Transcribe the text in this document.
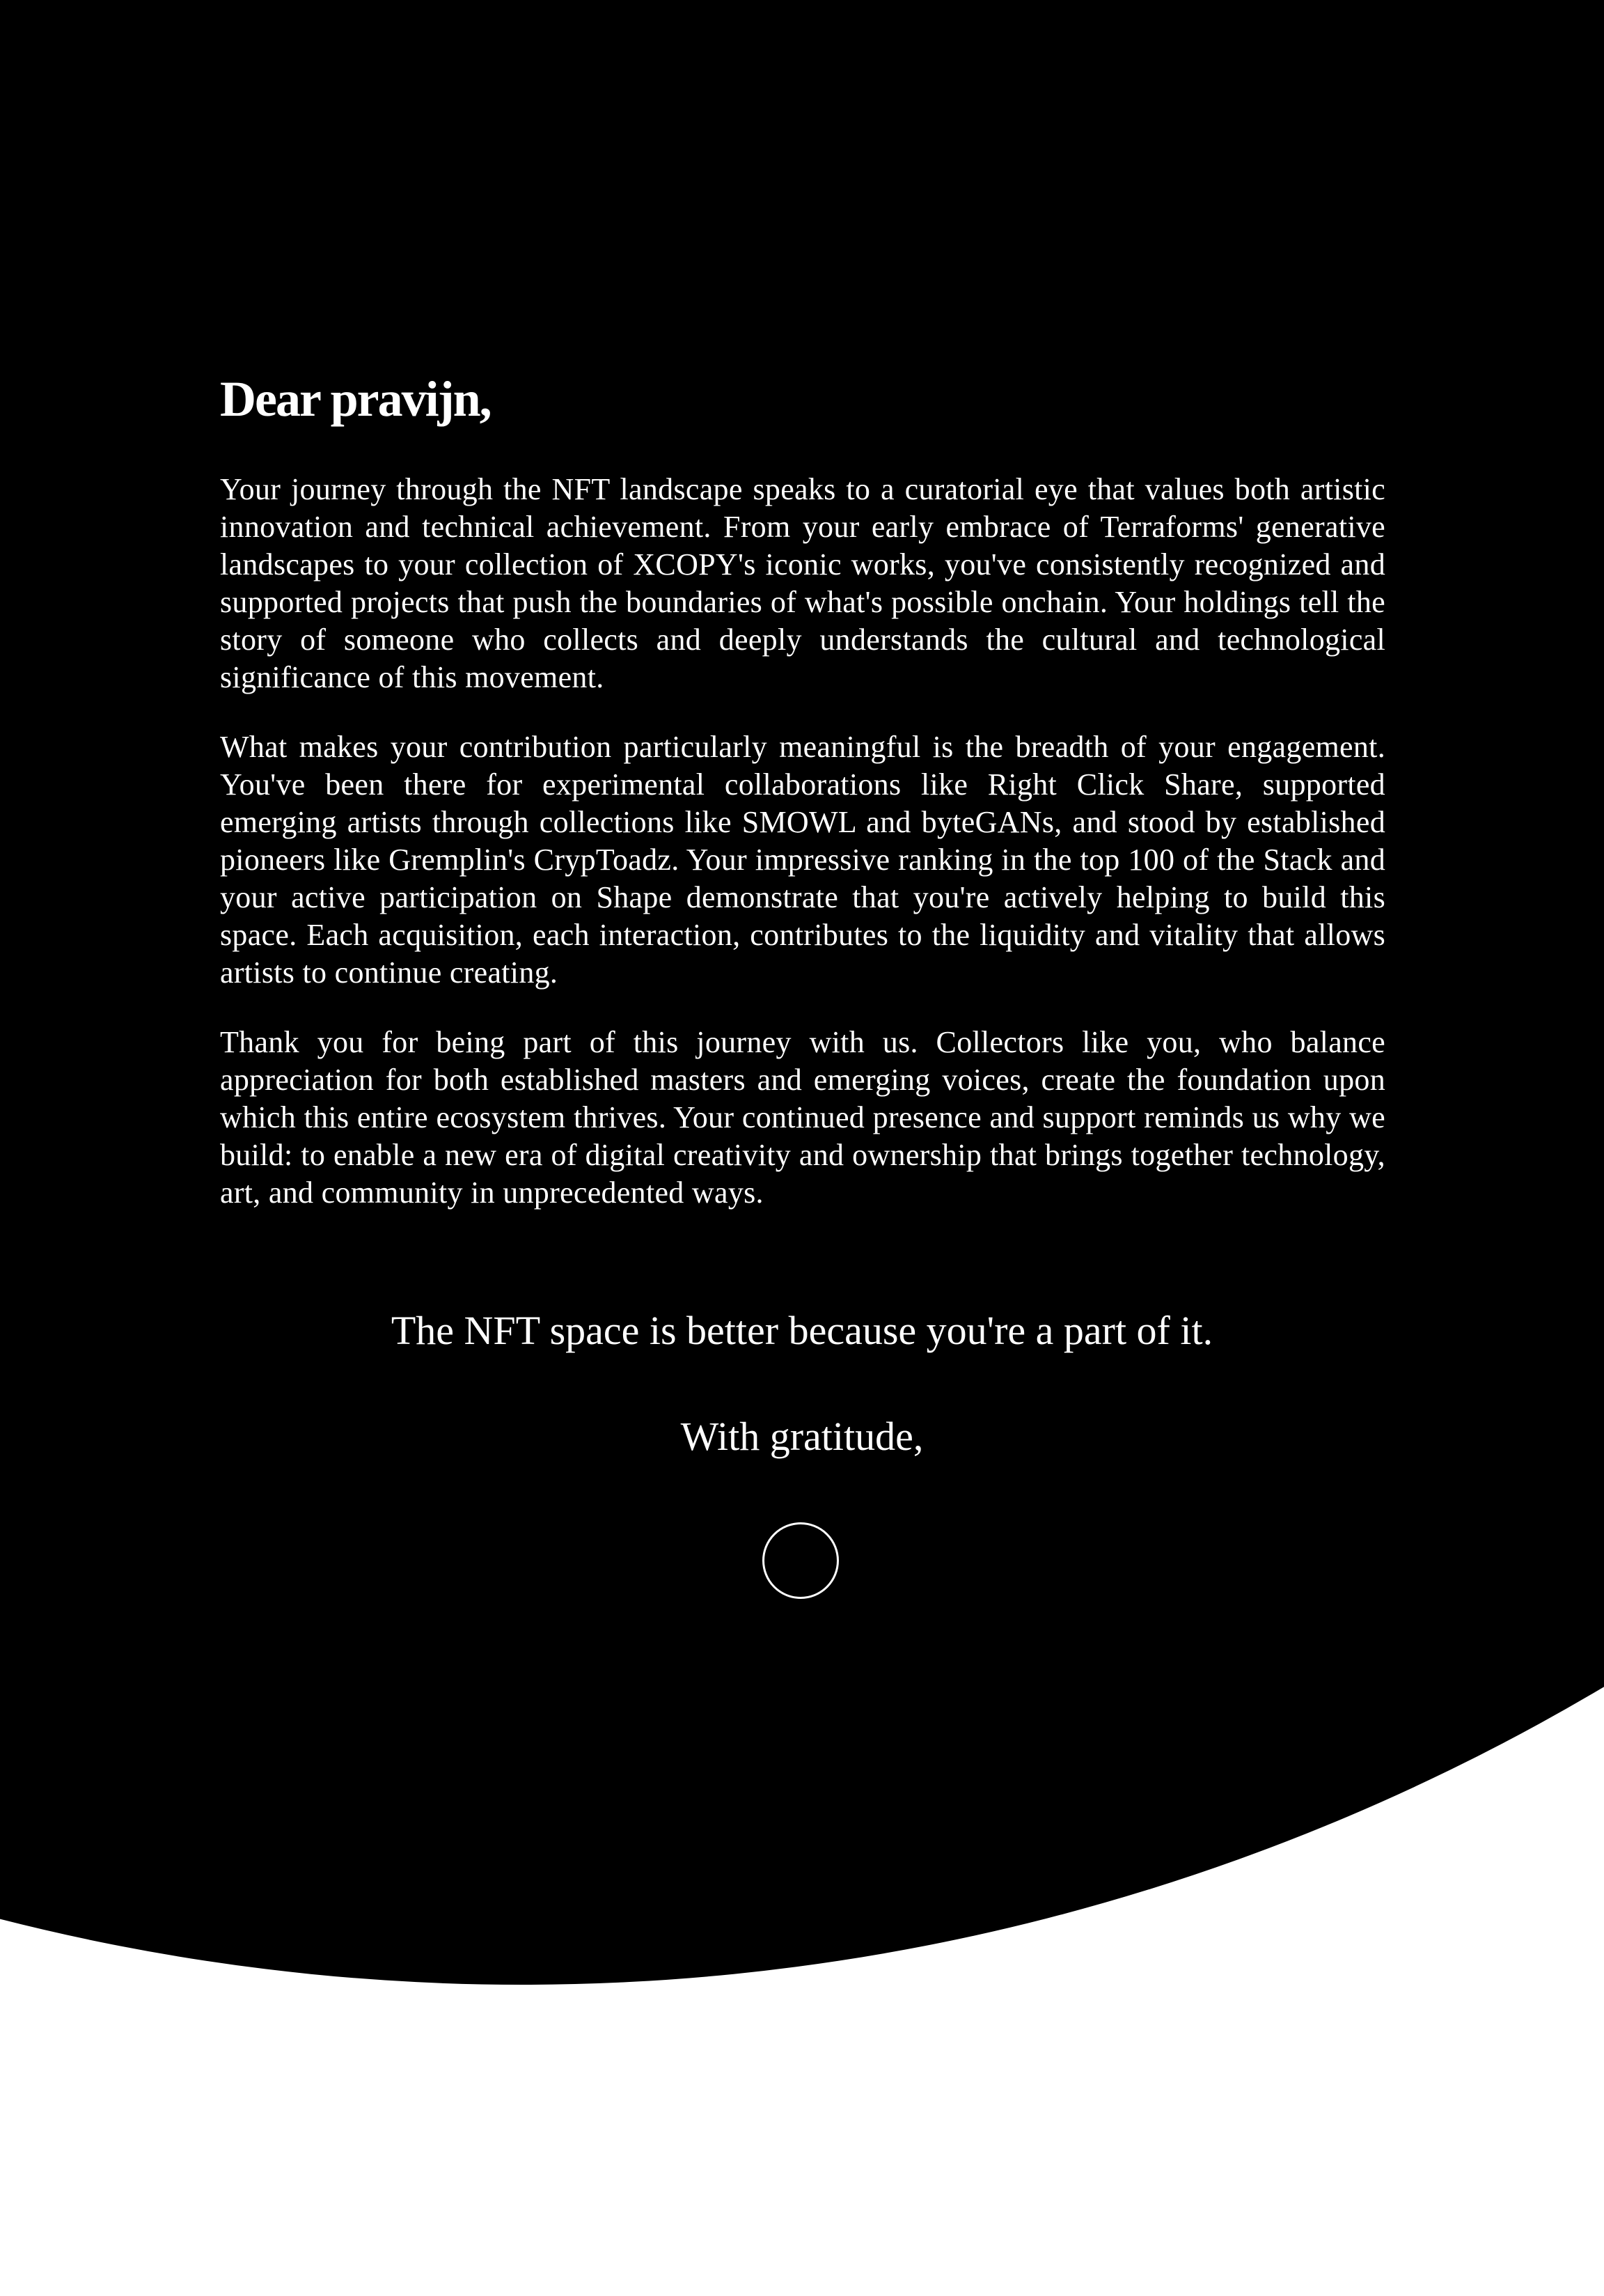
Dear pravijn,

Your journey through the NFT landscape speaks to a curatorial eye that values both artistic innovation and technical achievement. From your early embrace of Terraforms' generative landscapes to your collection of XCOPY's iconic works, you've consistently recognized and supported projects that push the boundaries of what's possible onchain. Your holdings tell the story of someone who collects and deeply understands the cultural and technological significance of this movement.

What makes your contribution particularly meaningful is the breadth of your engagement. You've been there for experimental collaborations like Right Click Share, supported emerging artists through collections like SMOWL and byteGANs, and stood by established pioneers like Gremplin's CrypToadz. Your impressive ranking in the top 100 of the Stack and your active participation on Shape demonstrate that you're actively helping to build this space. Each acquisition, each interaction, contributes to the liquidity and vitality that allows artists to continue creating.

Thank you for being part of this journey with us. Collectors like you, who balance appreciation for both established masters and emerging voices, create the foundation upon which this entire ecosystem thrives. Your continued presence and support reminds us why we build: to enable a new era of digital creativity and ownership that brings together technology, art, and community in unprecedented ways.

The NFT space is better because you're a part of it.
With gratitude,
